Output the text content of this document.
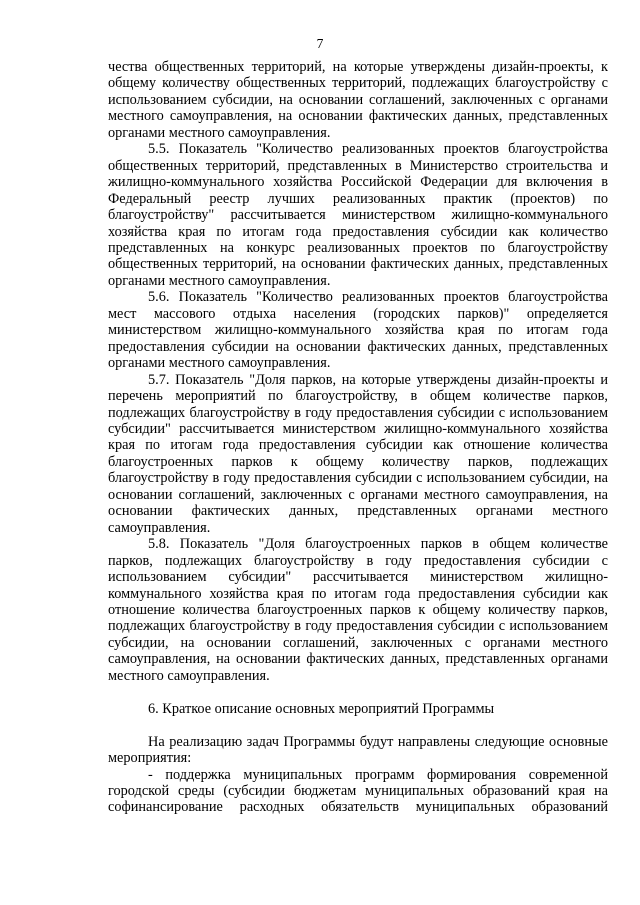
7

чества общественных территорий, на которые утверждены дизайн-проекты, к общему количеству общественных территорий, подлежащих благоустройству с использованием субсидии, на основании соглашений, заключенных с органами местного самоуправления, на основании фактических данных, представленных органами местного самоуправления.

5.5. Показатель "Количество реализованных проектов благоустройства общественных территорий, представленных в Министерство строительства и жилищно-коммунального хозяйства Российской Федерации для включения в Федеральный реестр лучших реализованных практик (проектов) по благоустройству" рассчитывается министерством жилищно-коммунального хозяйства края по итогам года предоставления субсидии как количество представленных на конкурс реализованных проектов по благоустройству общественных территорий, на основании фактических данных, представленных органами местного самоуправления.

5.6. Показатель "Количество реализованных проектов благоустройства мест массового отдыха населения (городских парков)" определяется министерством жилищно-коммунального хозяйства края по итогам года предоставления субсидии на основании фактических данных, представленных органами местного самоуправления.

5.7. Показатель "Доля парков, на которые утверждены дизайн-проекты и перечень мероприятий по благоустройству, в общем количестве парков, подлежащих благоустройству в году предоставления субсидии с использованием субсидии" рассчитывается министерством жилищно-коммунального хозяйства края по итогам года предоставления субсидии как отношение количества благоустроенных парков к общему количеству парков, подлежащих благоустройству в году предоставления субсидии с использованием субсидии, на основании соглашений, заключенных с органами местного самоуправления, на основании фактических данных, представленных органами местного самоуправления.

5.8. Показатель "Доля благоустроенных парков в общем количестве парков, подлежащих благоустройству в году предоставления субсидии с использованием субсидии" рассчитывается министерством жилищно-коммунального хозяйства края по итогам года предоставления субсидии как отношение количества благоустроенных парков к общему количеству парков, подлежащих благоустройству в году предоставления субсидии с использованием субсидии, на основании соглашений, заключенных с органами местного самоуправления, на основании фактических данных, представленных органами местного самоуправления.

6. Краткое описание основных мероприятий Программы

На реализацию задач Программы будут направлены следующие основные мероприятия:

- поддержка муниципальных программ формирования современной городской среды (субсидии бюджетам муниципальных образований края на софинансирование расходных обязательств муниципальных образований
